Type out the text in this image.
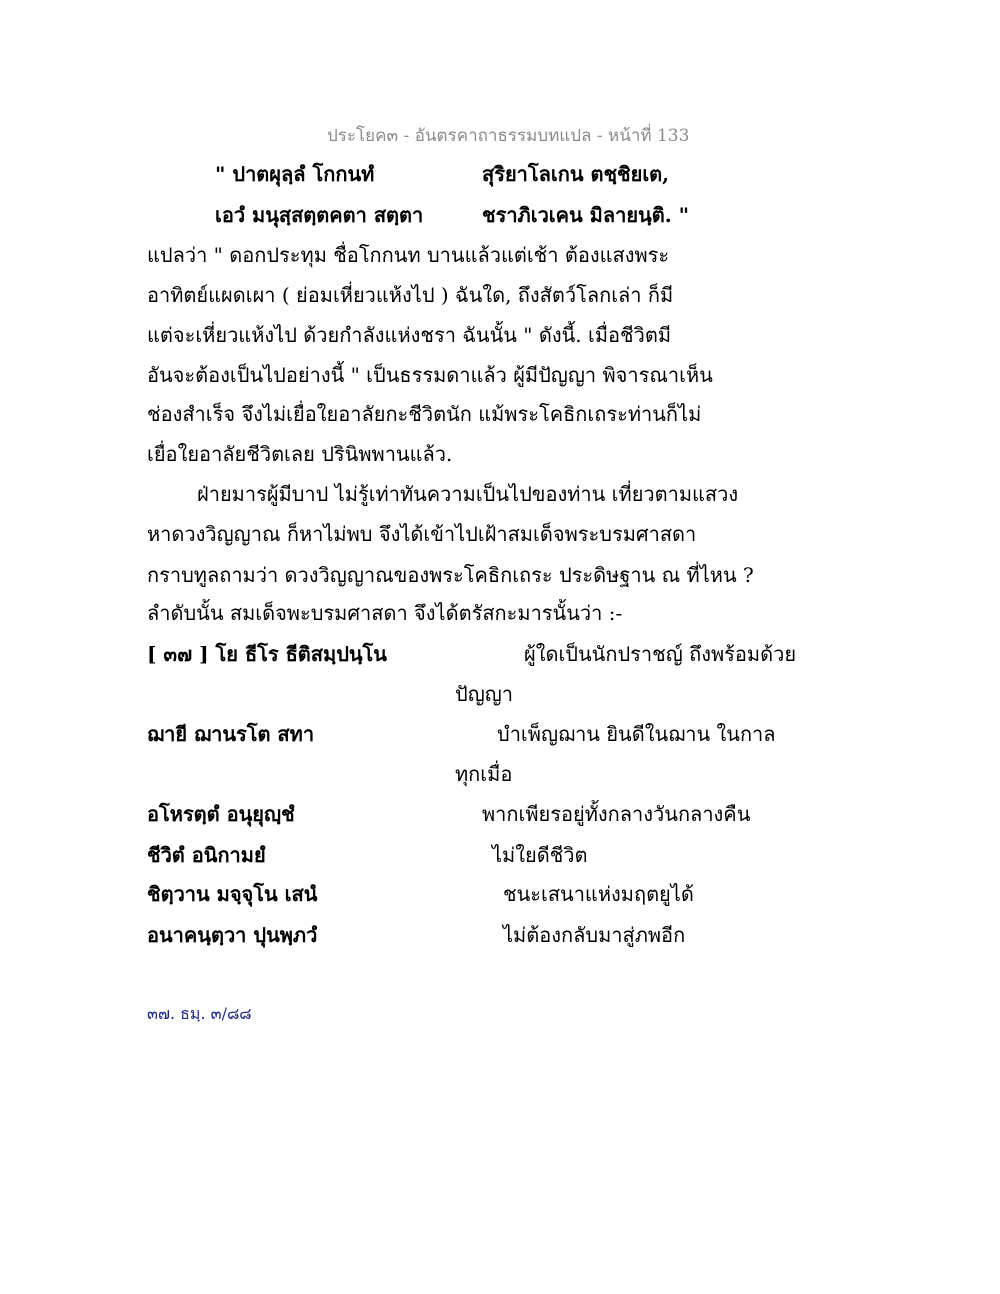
ประโยค๓ - อันตรคาถาธรรมบทแปล - หน้าที่ 133
" ปาตผุลฺลํ โกกนทํ	สุริยาโลเกน ตชฺชิยเต,
เอวํ มนุสฺสตฺตคตา สตฺตา	ชราภิเวเคน มิลายนฺติ. "
แปลว่า " ดอกประทุม ชื่อโกกนท บานแล้วแต่เช้า ต้องแสงพระ
อาทิตย์แผดเผา ( ย่อมเหี่ยวแห้งไป ) ฉันใด, ถึงสัตว์โลกเล่า ก็มี
แต่จะเหี่ยวแห้งไป ด้วยกำลังแห่งชรา ฉันนั้น " ดังนี้. เมื่อชีวิตมี
อันจะต้องเป็นไปอย่างนี้ " เป็นธรรมดาแล้ว ผู้มีปัญญา พิจารณาเห็น
ช่องสำเร็จ จึงไม่เยื่อใยอาลัยกะชีวิตนัก แม้พระโคธิกเถระท่านก็ไม่
เยื่อใยอาลัยชีวิตเลย ปรินิพพานแล้ว.
ฝ่ายมารผู้มีบาป ไม่รู้เท่าทันความเป็นไปของท่าน เที่ยวตามแสวง
หาดวงวิญญาณ ก็หาไม่พบ จึงได้เข้าไปเฝ้าสมเด็จพระบรมศาสดา
กราบทูลถามว่า ดวงวิญญาณของพระโคธิกเถระ ประดิษฐาน ณ ที่ไหน ?
ลำดับนั้น สมเด็จพะบรมศาสดา จึงได้ตรัสกะมารนั้นว่า :-
[ ๓๗ ] โย ธีโร ธีติสมฺปนฺโน	ผู้ใดเป็นนักปราชญ์ ถึงพร้อมด้วย
ปัญญา
ฌายี ฌานรโต สทา	บำเพ็ญฌาน ยินดีในฌาน ในกาล
ทุกเมื่อ
อโหรตฺตํ อนุยุญฺชํ	พากเพียรอยู่ทั้งกลางวันกลางคืน
ชีวิตํ อนิกามยํ	ไม่ใยดีชีวิต
ชิตฺวาน มจฺจุโน เสนํ	ชนะเสนาแห่งมฤตยูได้
อนาคนฺตฺวา ปุนพฺภวํ	ไม่ต้องกลับมาสู่ภพอีก
๓๗. ธมฺ. ๓/๘๘
